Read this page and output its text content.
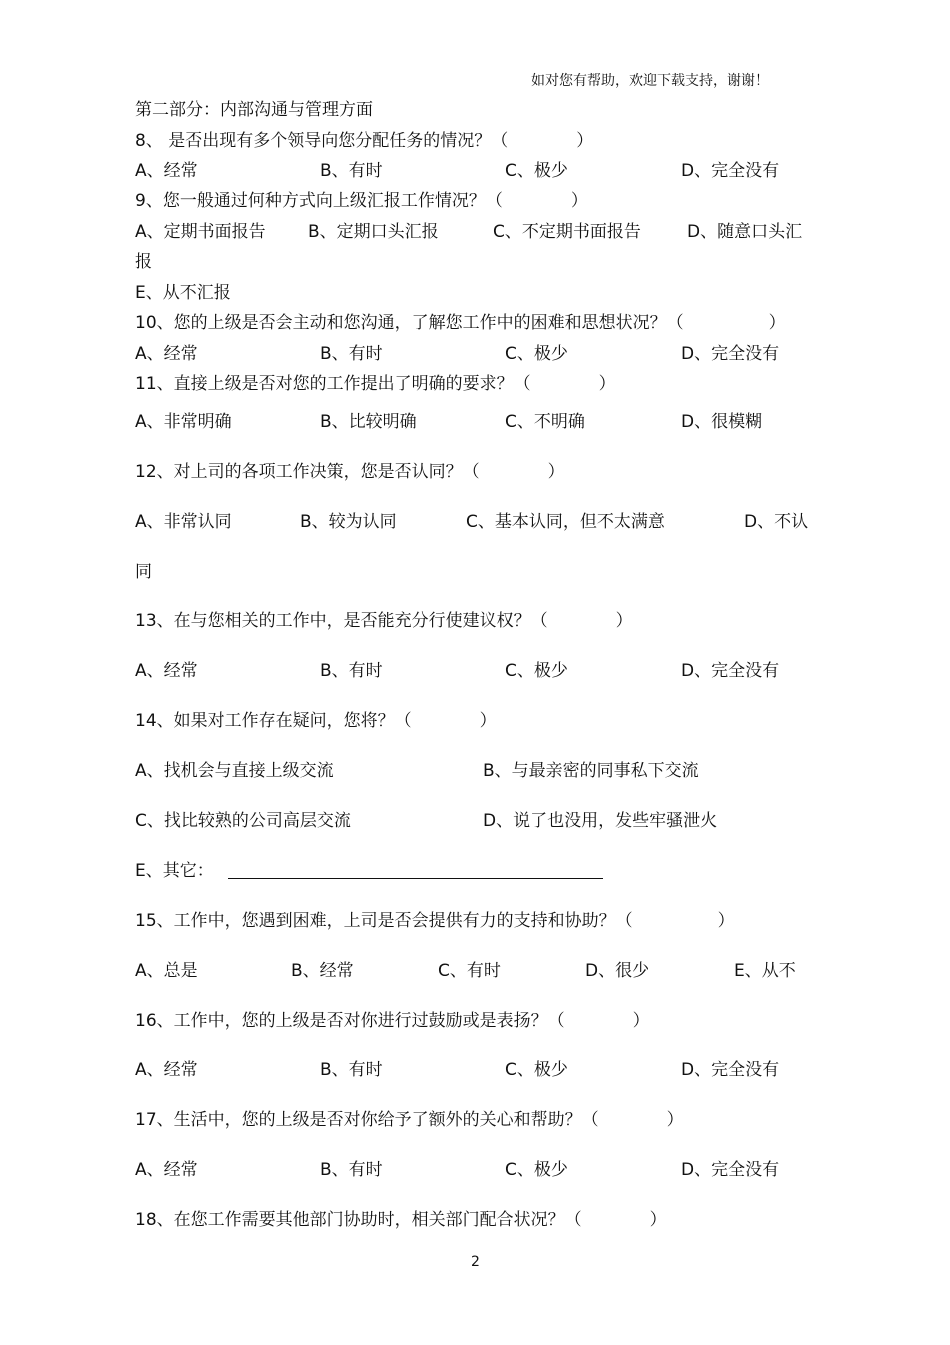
如对您有帮助，欢迎下载支持，谢谢！
第二部分：内部沟通与管理方面
8、 是否出现有多个领导向您分配任务的情况？（　　　　）
A、经常	B、有时	C、极少	D、完全没有
9、您一般通过何种方式向上级汇报工作情况？（　　　　）
A、定期书面报告 B、定期口头汇报	C、不定期书面报告	D、随意口头汇
报
E、从不汇报
10、您的上级是否会主动和您沟通，了解您工作中的困难和思想状况？（　　　　　）
A、经常	B、有时	C、极少	D、完全没有
11、直接上级是否对您的工作提出了明确的要求？（　　　　）
A、非常明确	B、比较明确	C、不明确	D、很模糊
12、对上司的各项工作决策，您是否认同？（　　　　）
A、非常认同	B、较为认同	C、基本认同，但不太满意	D、不认
同
13、在与您相关的工作中，是否能充分行使建议权？（　　　　）
A、经常	B、有时	C、极少	D、完全没有
14、如果对工作存在疑问，您将？（　　　　）
A、找机会与直接上级交流	B、与最亲密的同事私下交流
C、找比较熟的公司高层交流	D、说了也没用，发些牢骚泄火
E、其它：
15、工作中，您遇到困难，上司是否会提供有力的支持和协助？（　　　　　）
A、总是	B、经常	C、有时	D、很少	E、从不
16、工作中，您的上级是否对你进行过鼓励或是表扬？（　　　　）
A、经常	B、有时	C、极少	D、完全没有
17、生活中，您的上级是否对你给予了额外的关心和帮助？（　　　　）
A、经常	B、有时	C、极少	D、完全没有
18、在您工作需要其他部门协助时，相关部门配合状况？（　　　　）
2
